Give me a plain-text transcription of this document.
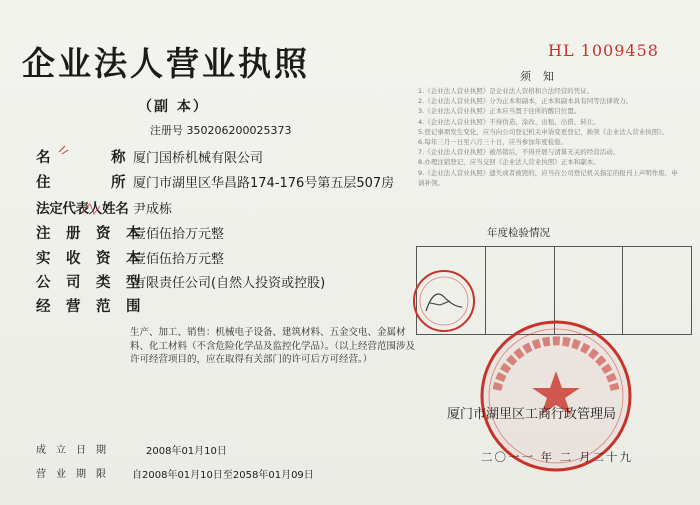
企业法人营业执照
（副 本）
注册号 350206200025373
名　　　　称 厦门国桥机械有限公司
住　　　　所 厦门市湖里区华昌路174-176号第五层507房
法定代表人姓名 尹成栋
注　册　资　本
壹佰伍拾万元整
实　收　资　本
壹佰伍拾万元整
公　司　类　型
有限责任公司(自然人投资或控股)
经　营　范　围
生产、加工、销售：机械电子设备、建筑材料、五金交电、金属材料、化工材料（不含危险化学品及监控化学品）。（以上经营范围涉及许可经营项目的，应在取得有关部门的许可后方可经营。）
成立日期	2008年01月10日
营业期限 自2008年01月10日至2058年01月09日
HL 1009458
须知
1.《企业法人营业执照》是企业法人资格和合法经营的凭证。
2.《企业法人营业执照》分为正本和副本，正本和副本具有同等法律效力。
3.《企业法人营业执照》正本应当置于住所的醒目位置。
4.《企业法人营业执照》不得伪造、涂改、出租、出借、转让。
5.登记事项发生变化，应当向公司登记机关申请变更登记，换领《企业法人营业执照》。
6.每年三月一日至六月三十日，应当参加年度检验。
7.《企业法人营业执照》被吊销后，不得开展与清算无关的经营活动。
8.办理注销登记，应当交回《企业法人营业执照》正本和副本。
9.《企业法人营业执照》遗失或者被毁的，应当在公司登记机关指定的报刊上声明作废，申请补领。
年度检验情况
厦门市湖里区工商行政管理局
二〇一一 年 二 月二十九
